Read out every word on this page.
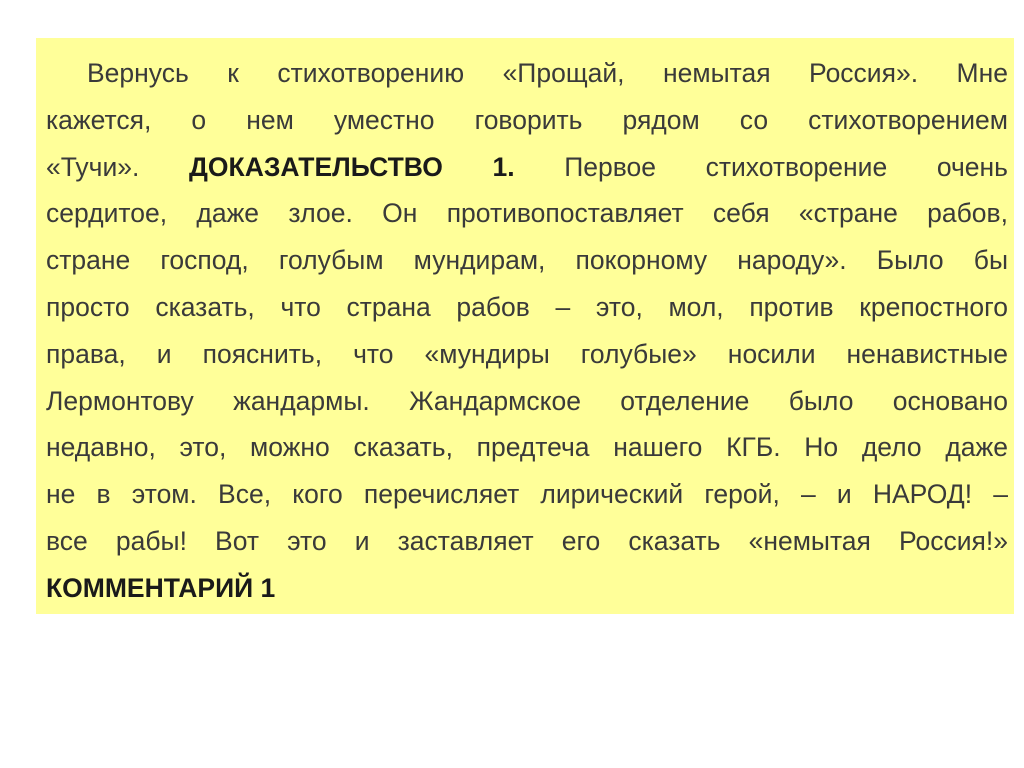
Вернусь к стихотворению «Прощай, немытая Россия». Мне
кажется, о нем уместно говорить рядом со стихотворением
«Тучи». ДОКАЗАТЕЛЬСТВО 1. Первое стихотворение очень
сердитое, даже злое. Он противопоставляет себя «стране рабов,
стране господ, голубым мундирам, покорному народу». Было бы
просто сказать, что страна рабов – это, мол, против крепостного
права, и пояснить, что «мундиры голубые» носили ненавистные
Лермонтову жандармы. Жандармское отделение было основано
недавно, это, можно сказать, предтеча нашего КГБ. Но дело даже
не в этом. Все, кого перечисляет лирический герой, – и НАРОД! –
все рабы! Вот это и заставляет его сказать «немытая Россия!»
КОММЕНТАРИЙ 1
